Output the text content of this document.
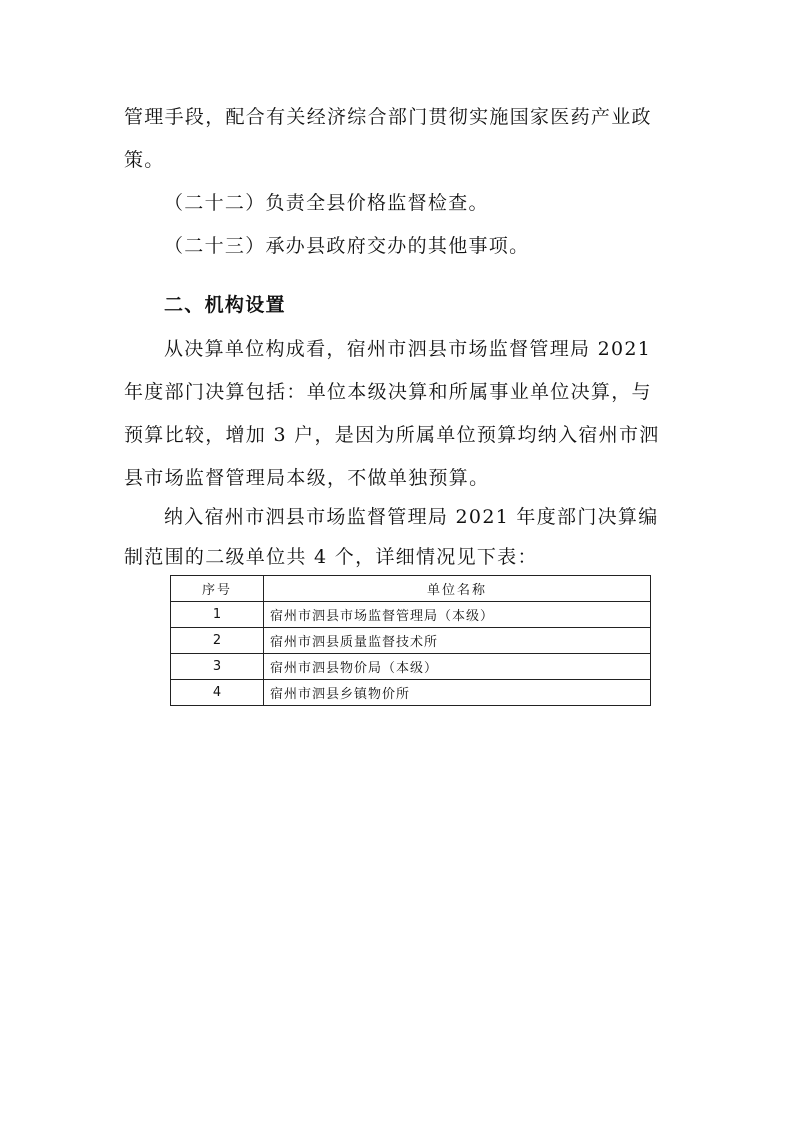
管理手段，配合有关经济综合部门贯彻实施国家医药产业政
策。
（二十二）负责全县价格监督检查。
（二十三）承办县政府交办的其他事项。
二、机构设置
从决算单位构成看，宿州市泗县市场监督管理局 2021
年度部门决算包括：单位本级决算和所属事业单位决算，与
预算比较，增加 3 户，是因为所属单位预算均纳入宿州市泗
县市场监督管理局本级，不做单独预算。
纳入宿州市泗县市场监督管理局 2021 年度部门决算编
制范围的二级单位共 4 个，详细情况见下表：
序号	单位名称
1	宿州市泗县市场监督管理局（本级）
2	宿州市泗县质量监督技术所
3	宿州市泗县物价局（本级）
4	宿州市泗县乡镇物价所
